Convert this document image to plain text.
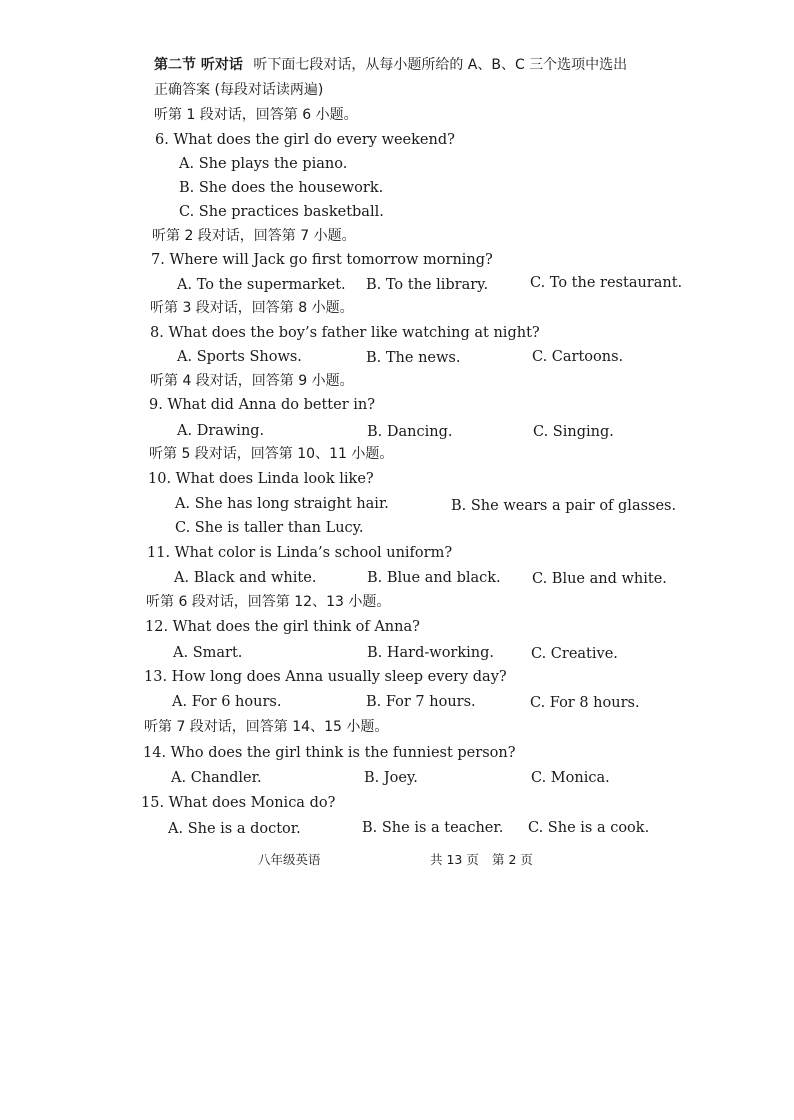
第二节 听对话 听下面七段对话，从每小题所给的 A、B、C 三个选项中选出
正确答案 (每段对话读两遍)
听第 1 段对话，回答第 6 小题。
6. What does the girl do every weekend?
A. She plays the piano.
B. She does the housework.
C. She practices basketball.
听第 2 段对话，回答第 7 小题。
7. Where will Jack go first tomorrow morning?
A. To the supermarket. B. To the library.	C. To the restaurant.
听第 3 段对话，回答第 8 小题。
8. What does the boy’s father like watching at night?
A. Sports Shows.	B. The news.	C. Cartoons.
听第 4 段对话，回答第 9 小题。
9. What did Anna do better in?
A. Drawing.	B. Dancing.	C. Singing.
听第 5 段对话，回答第 10、11 小题。
10. What does Linda look like?
A. She has long straight hair.	B. She wears a pair of glasses.
C. She is taller than Lucy.
11. What color is Linda’s school uniform?
A. Black and white.	B. Blue and black. C. Blue and white.
听第 6 段对话，回答第 12、13 小题。
12. What does the girl think of Anna?
A. Smart.	B. Hard-working.	C. Creative.
13. How long does Anna usually sleep every day?
A. For 6 hours.	B. For 7 hours.	C. For 8 hours.
听第 7 段对话，回答第 14、15 小题。
14. Who does the girl think is the funniest person?
A. Chandler.	B. Joey.	C. Monica.
15. What does Monica do?
A. She is a doctor.	B. She is a teacher. C. She is a cook.
八年级英语	共 13 页 第 2 页
